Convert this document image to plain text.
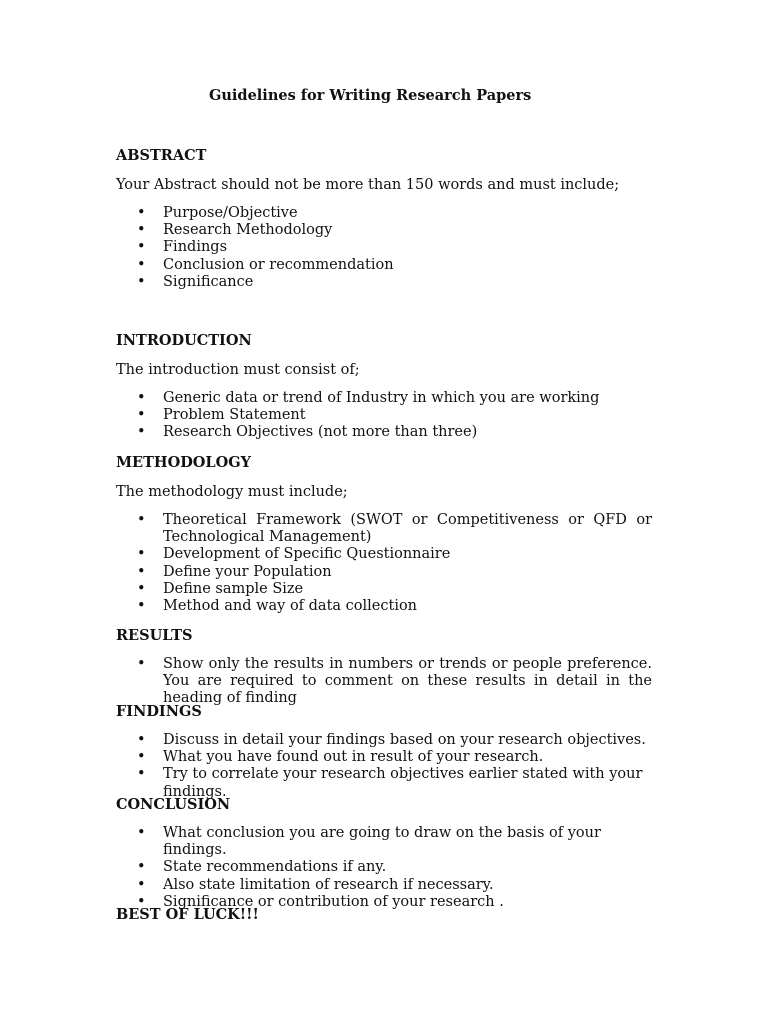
Guidelines for Writing Research Papers
ABSTRACT

Your Abstract should not be more than 150 words and must include;

• Purpose/Objective
• Research Methodology
• Findings
• Conclusion or recommendation
• Significance
INTRODUCTION

The introduction must consist of;

• Generic data or trend of Industry in which you are working
• Problem Statement
• Research Objectives (not more than three)
METHODOLOGY

The methodology must include;

• Theoretical Framework (SWOT or Competitiveness or QFD or Technological Management)
• Development of Specific Questionnaire
• Define your Population
• Define sample Size
• Method and way of data collection
RESULTS
• Show only the results in numbers or trends or people preference. You are required to comment on these results in detail in the heading of finding
FINDINGS
• Discuss in detail your findings based on your research objectives.
• What you have found out in result of your research.
• Try to correlate your research objectives earlier stated with your findings.
CONCLUSION
• What conclusion you are going to draw on the basis of your findings.
• State recommendations if any.
• Also state limitation of research if necessary.
• Significance or contribution of your research .

BEST OF LUCK!!!
